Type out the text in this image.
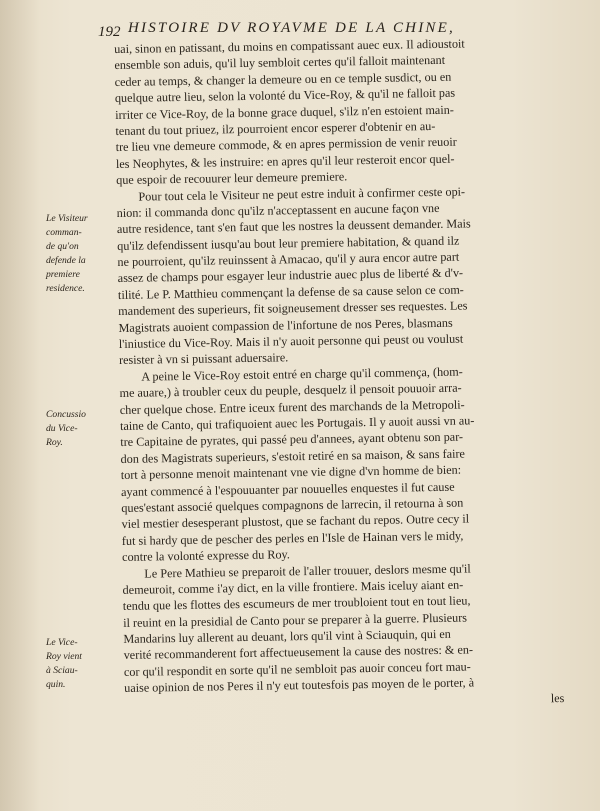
192 HISTOIRE DV ROYAVME DE LA CHINE,
uai, sinon en patissant, du moins en compatissant auec eux. Il adioustoit
ensemble son aduis, qu'il luy sembloit certes qu'il falloit maintenant
ceder au temps, & changer la demeure ou en ce temple susdict, ou en
quelque autre lieu, selon la volonté du Vice-Roy, & qu'il ne falloit pas
irriter ce Vice-Roy, de la bonne grace duquel, s'ilz n'en estoient main-
tenant du tout priuez, ilz pourroient encor esperer d'obtenir en au-
tre lieu vne demeure commode, & en apres permission de venir reuoir
les Neophytes, & les instruire: en apres qu'il leur resteroit encor quel-
que espoir de recouurer leur demeure premiere.
Pour tout cela le Visiteur ne peut estre induit à confirmer ceste opi-
nion: il commanda donc qu'ilz n'acceptassent en aucune façon vne
autre residence, tant s'en faut que les nostres la deussent demander. Mais
qu'ilz defendissent iusqu'au bout leur premiere habitation, & quand ilz
ne pourroient, qu'ilz reuinssent à Amacao, qu'il y aura encor autre part
assez de champs pour esgayer leur industrie auec plus de liberté & d'v-
tilité. Le P. Matthieu commençant la defense de sa cause selon ce com-
mandement des superieurs, fit soigneusement dresser ses requestes. Les
Magistrats auoient compassion de l'infortune de nos Peres, blasmans
l'iniustice du Vice-Roy. Mais il n'y auoit personne qui peust ou voulust
resister à vn si puissant aduersaire.
A peine le Vice-Roy estoit entré en charge qu'il commença, (hom-
me auare,) à troubler ceux du peuple, desquelz il pensoit pouuoir arra-
cher quelque chose. Entre iceux furent des marchands de la Metropoli-
taine de Canto, qui trafiquoient auec les Portugais. Il y auoit aussi vn au-
tre Capitaine de pyrates, qui passé peu d'annees, ayant obtenu son par-
don des Magistrats superieurs, s'estoit retiré en sa maison, & sans faire
tort à personne menoit maintenant vne vie digne d'vn homme de bien:
ayant commencé à l'espouuanter par nouuelles enquestes il fut cause
ques'estant associé quelques compagnons de larrecin, il retourna à son
viel mestier desesperant plustost, que se fachant du repos. Outre cecy il
fut si hardy que de pescher des perles en l'Isle de Hainan vers le midy,
contre la volonté expresse du Roy.
Le Pere Mathieu se preparoit de l'aller trouuer, deslors mesme qu'il
demeuroit, comme i'ay dict, en la ville frontiere. Mais iceluy aiant en-
tendu que les flottes des escumeurs de mer troubloient tout en tout lieu,
il reuint en la presidial de Canto pour se preparer à la guerre. Plusieurs
Mandarins luy allerent au deuant, lors qu'il vint à Sciauquin, qui en
verité recommanderent fort affectueusement la cause des nostres: & en-
cor qu'il respondit en sorte qu'il ne sembloit pas auoir conceu fort mau-
uaise opinion de nos Peres il n'y eut toutesfois pas moyen de le porter, à
les
Le Visiteur
comman-
de qu'on
defende la
premiere
residence.
Concussio
du Vice-
Roy.
Le Vice-
Roy vient
à Sciau-
quin.
